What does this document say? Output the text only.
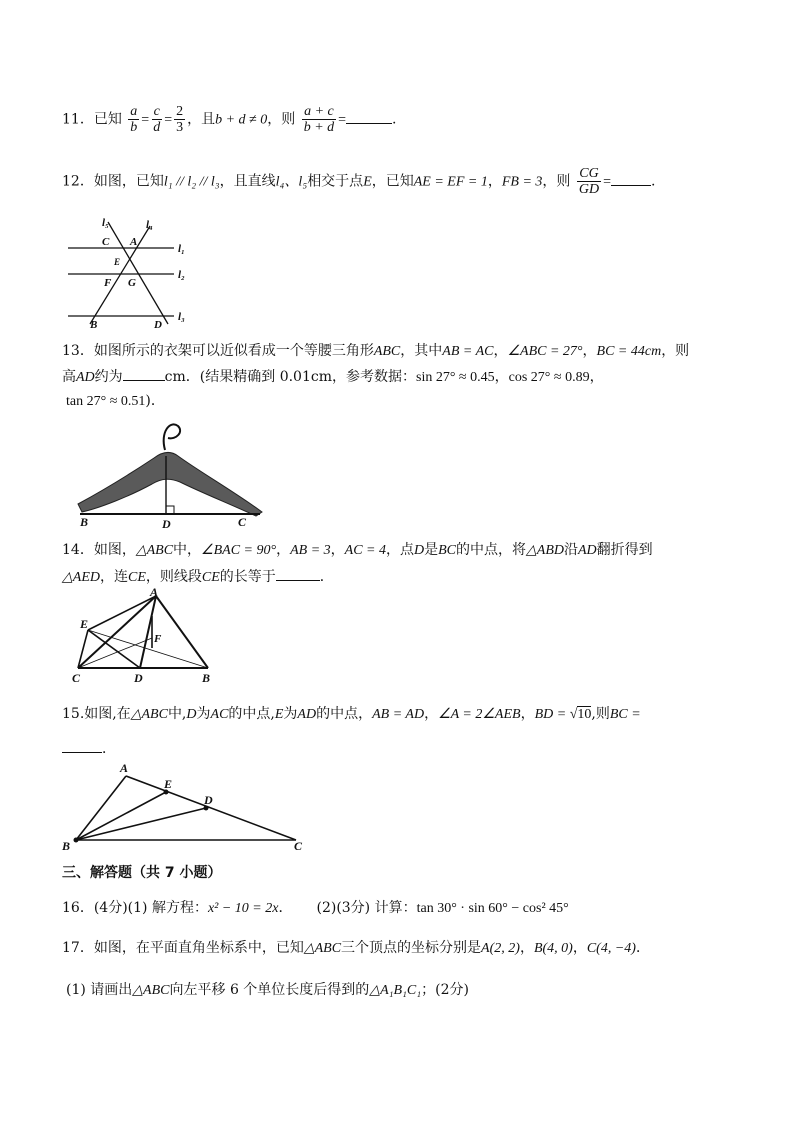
11．已知 $\frac{a}{b} = \frac{c}{d} = \frac{2}{3}$ ，且b + d ≠ 0，则 $\frac{a + c}{b + d}$ =	.
12．如图，已知l₁ // l₂ // l₃，且直线l₄、l₅相交于点E，已知AE = EF = 1，FB = 3，则 $\frac{CG}{GD}$ =	.
l₅	l₄
C A
l₁
E
l₂
F G
B	D
l₃
13．如图所示的衣架可以近似看成一个等腰三角形ABC，其中AB = AC，∠ABC = 27°，BC = 44cm，则
高AD约为	cm．(结果精确到 0.01cm，参考数据：sin 27° ≈ 0.45，cos 27° ≈ 0.89，
tan 27° ≈ 0.51)．
B	D	C
14．如图，△ABC中，∠BAC = 90°，AB = 3，AC = 4，点D是BC的中点，将△ABD沿AD翻折得到
△AED，连CE，则线段CE的长等于	．
A
E
F
C	D	B
15.如图,在△ABC中,D为AC的中点,E为AD的中点，AB = AD，∠A = 2∠AEB，BD = √10,则BC =
．
A
E
D
B	C
三、解答题（共 7 小题）
16．(4分)(1) 解方程：x² − 10 = 2x． (2)(3分) 计算：tan 30° · sin 60° − cos² 45°
17．如图，在平面直角坐标系中，已知△ABC三个顶点的坐标分别是A(2, 2)，B(4, 0)，C(4, −4)．
(1) 请画出△ABC向左平移 6 个单位长度后得到的△A₁B₁C₁；(2分)
